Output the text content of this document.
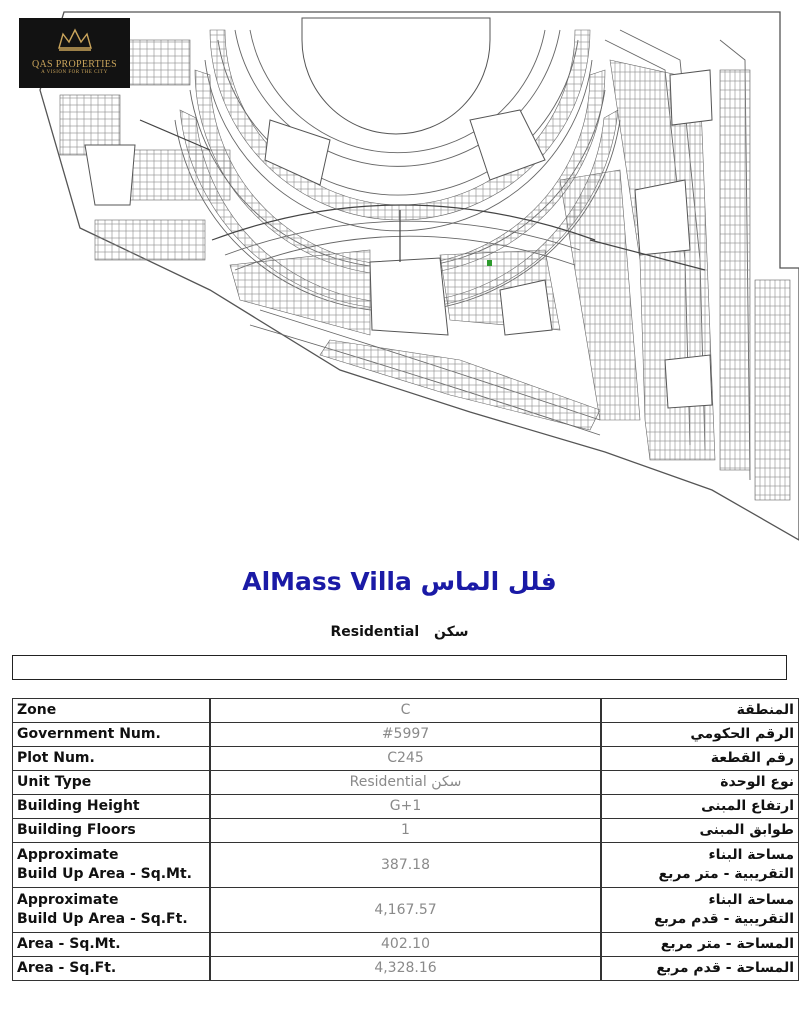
QAS PROPERTIES
A VISION FOR THE CITY
AlMass Villa فلل الماس
Residential سكن
Zone	C	المنطقة

Government Num.	#5997	الرقم الحكومي

Plot Num.	C245	رقم القطعة

Unit Type	Residential سكن	نوع الوحدة

Building Height	G+1	ارتفاع المبنى

Building Floors	1	طوابق المبنى

Approximate
Build Up Area - Sq.Mt.	387.18	مساحة البناء
التقريبية - متر مربع

Approximate
Build Up Area - Sq.Ft.	4,167.57	مساحة البناء
التقريبية - قدم مربع

Area - Sq.Mt.	402.10	المساحة - متر مربع

Area - Sq.Ft.	4,328.16	المساحة - قدم مربع
